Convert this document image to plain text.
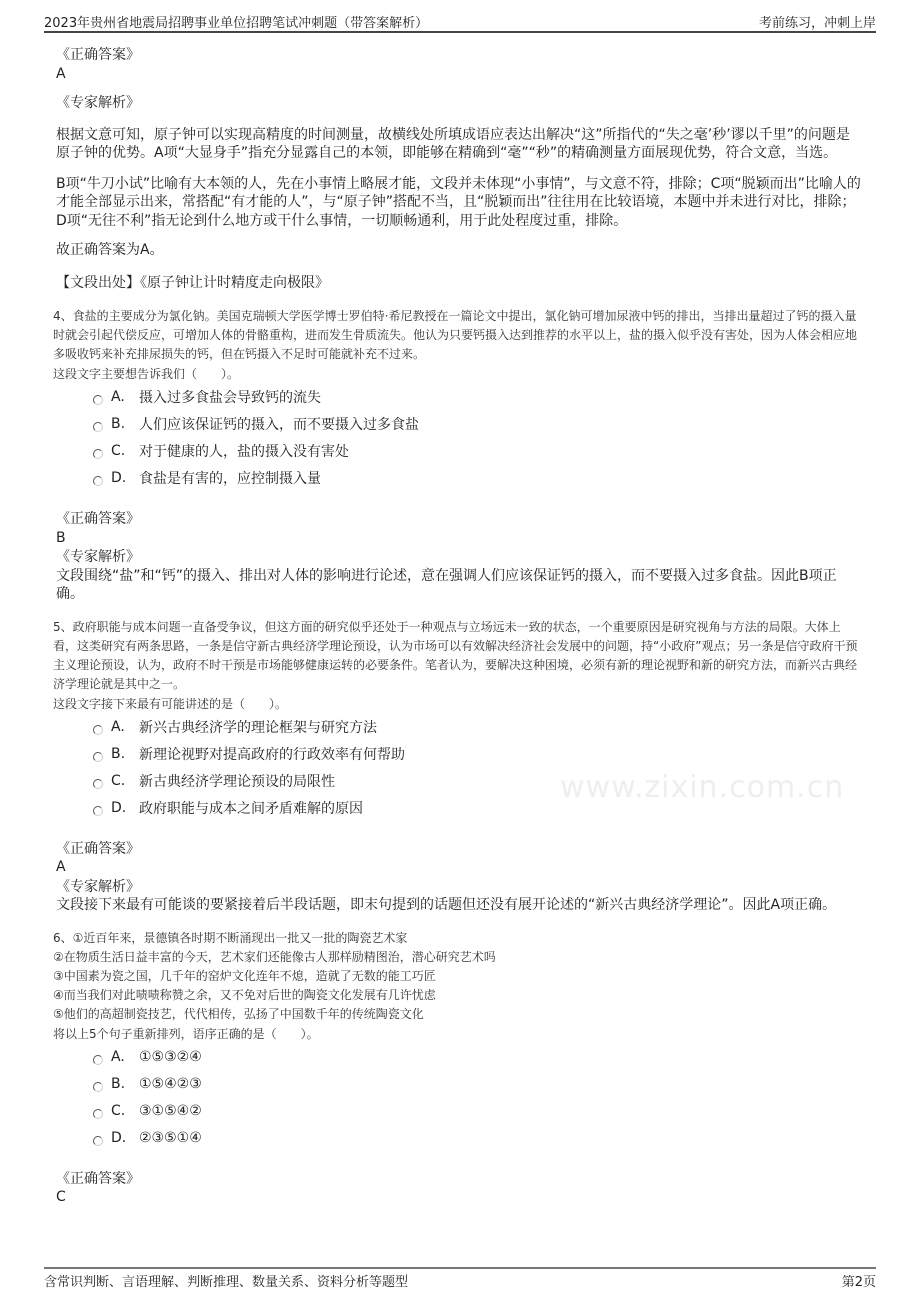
2023年贵州省地震局招聘事业单位招聘笔试冲刺题（带答案解析）	考前练习，冲刺上岸
www.zixin.com.cn
《正确答案》
A
《专家解析》
根据文意可知，原子钟可以实现高精度的时间测量，故横线处所填成语应表达出解决“这”所指代的“失之毫’秒’谬以千里”的问题是原子钟的优势。A项“大显身手”指充分显露自己的本领，即能够在精确到“毫”“秒”的精确测量方面展现优势，符合文意，当选。
B项“牛刀小试”比喻有大本领的人，先在小事情上略展才能，文段并未体现“小事情”，与文意不符，排除；C项“脱颖而出”比喻人的才能全部显示出来，常搭配“有才能的人”，与“原子钟”搭配不当，且“脱颖而出”往往用在比较语境，本题中并未进行对比，排除；D项“无往不利”指无论到什么地方或干什么事情，一切顺畅通利，用于此处程度过重，排除。
故正确答案为A。
【文段出处】《原子钟让计时精度走向极限》
4、食盐的主要成分为氯化钠。美国克瑞顿大学医学博士罗伯特·希尼教授在一篇论文中提出，氯化钠可增加尿液中钙的排出，当排出量超过了钙的摄入量时就会引起代偿反应，可增加人体的骨骼重构，进而发生骨质流失。他认为只要钙摄入达到推荐的水平以上，盐的摄入似乎没有害处，因为人体会相应地多吸收钙来补充排尿损失的钙，但在钙摄入不足时可能就补充不过来。
这段文字主要想告诉我们（　　）。
A.	摄入过多食盐会导致钙的流失
B. 人们应该保证钙的摄入，而不要摄入过多食盐
C. 对于健康的人，盐的摄入没有害处
D. 食盐是有害的，应控制摄入量
《正确答案》
B
《专家解析》
文段围绕“盐”和“钙”的摄入、排出对人体的影响进行论述，意在强调人们应该保证钙的摄入，而不要摄入过多食盐。因此B项正确。
5、政府职能与成本问题一直备受争议，但这方面的研究似乎还处于一种观点与立场远未一致的状态，一个重要原因是研究视角与方法的局限。大体上看，这类研究有两条思路，一条是信守新古典经济学理论预设，认为市场可以有效解决经济社会发展中的问题，持“小政府”观点；另一条是信守政府干预主义理论预设，认为，政府不时干预是市场能够健康运转的必要条件。笔者认为，要解决这种困境，必须有新的理论视野和新的研究方法，而新兴古典经济学理论就是其中之一。
这段文字接下来最有可能讲述的是（　　）。
A.	新兴古典经济学的理论框架与研究方法
B. 新理论视野对提高政府的行政效率有何帮助
C. 新古典经济学理论预设的局限性
D. 政府职能与成本之间矛盾难解的原因
《正确答案》
A
《专家解析》
文段接下来最有可能谈的要紧接着后半段话题，即末句提到的话题但还没有展开论述的“新兴古典经济学理论”。因此A项正确。
6、①近百年来，景德镇各时期不断涌现出一批又一批的陶瓷艺术家
②在物质生活日益丰富的今天，艺术家们还能像古人那样励精图治，潜心研究艺术吗
③中国素为瓷之国，几千年的窑炉文化连年不熄，造就了无数的能工巧匠
④而当我们对此啧啧称赞之余，又不免对后世的陶瓷文化发展有几许忧虑
⑤他们的高超制瓷技艺，代代相传，弘扬了中国数千年的传统陶瓷文化
将以上5个句子重新排列，语序正确的是（　　）。
A.	①⑤③②④
B. ①⑤④②③
C. ③①⑤④②
D. ②③⑤①④
《正确答案》
C
含常识判断、言语理解、判断推理、数量关系、资料分析等题型	第2页
